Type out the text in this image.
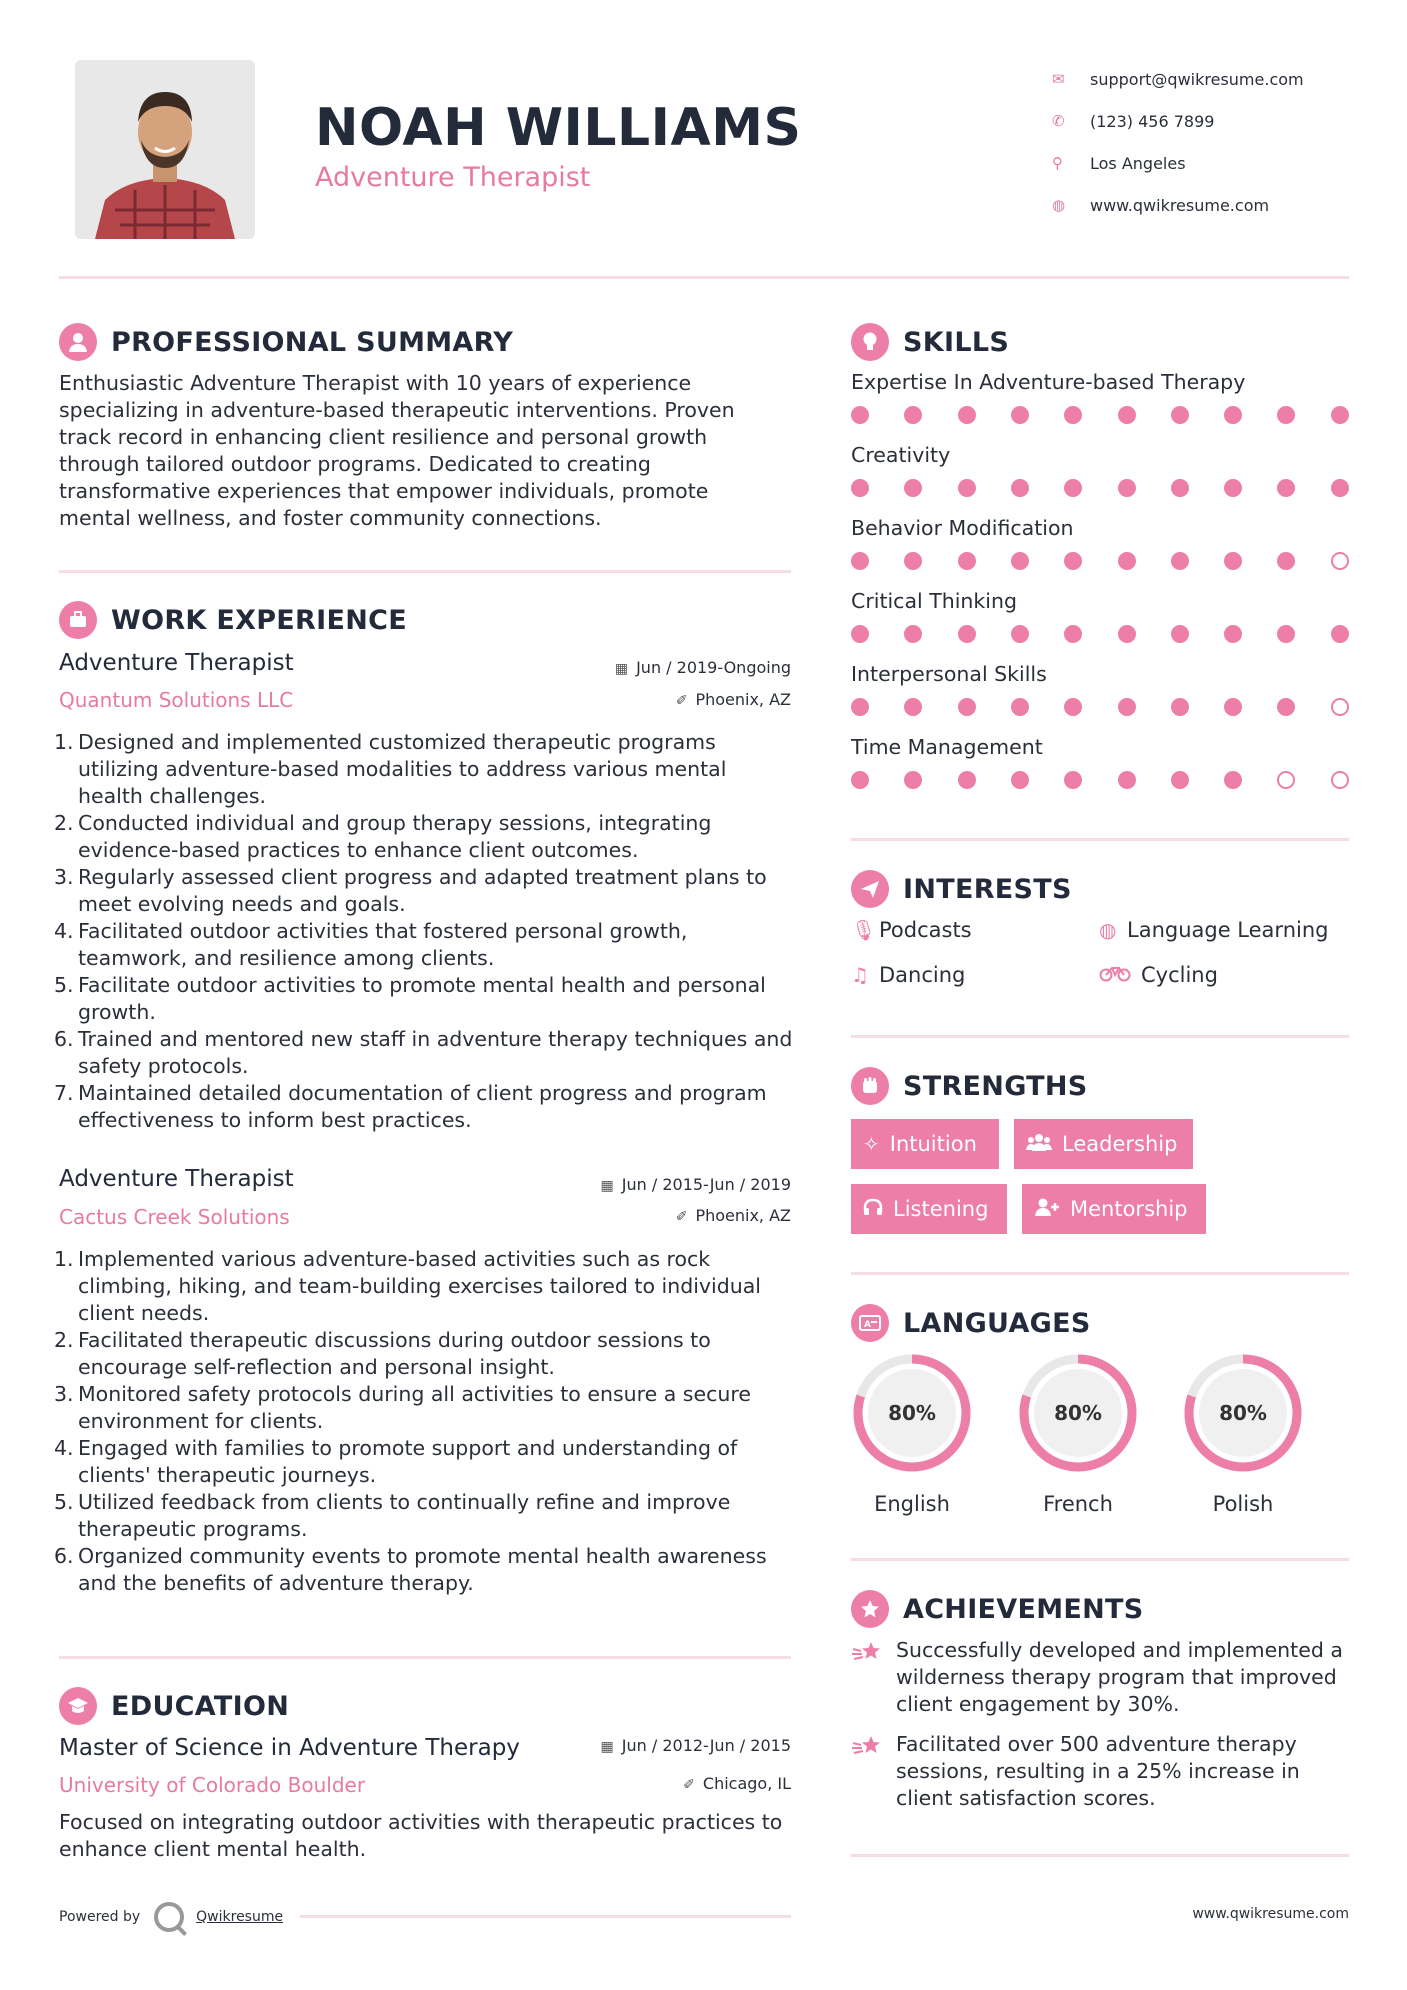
NOAH WILLIAMS
Adventure Therapist
✉	support@qwikresume.com
✆	(123) 456 7899
⚲	Los Angeles
◍	www.qwikresume.com
PROFESSIONAL SUMMARY
Enthusiastic Adventure Therapist with 10 years of experience specializing in adventure-based therapeutic interventions. Proven track record in enhancing client resilience and personal growth through tailored outdoor programs. Dedicated to creating transformative experiences that empower individuals, promote mental wellness, and foster community connections.
WORK EXPERIENCE
Adventure Therapist	▦ Jun / 2019-Ongoing
Quantum Solutions LLC	✐ Phoenix, AZ
Designed and implemented customized therapeutic programs utilizing adventure-based modalities to address various mental health challenges.
Conducted individual and group therapy sessions, integrating evidence-based practices to enhance client outcomes.
Regularly assessed client progress and adapted treatment plans to meet evolving needs and goals.
Facilitated outdoor activities that fostered personal growth, teamwork, and resilience among clients.
Facilitate outdoor activities to promote mental health and personal growth.
Trained and mentored new staff in adventure therapy techniques and safety protocols.
Maintained detailed documentation of client progress and program effectiveness to inform best practices.
Adventure Therapist	▦ Jun / 2015-Jun / 2019
Cactus Creek Solutions	✐ Phoenix, AZ
Implemented various adventure-based activities such as rock climbing, hiking, and team-building exercises tailored to individual client needs.
Facilitated therapeutic discussions during outdoor sessions to encourage self-reflection and personal insight.
Monitored safety protocols during all activities to ensure a secure environment for clients.
Engaged with families to promote support and understanding of clients' therapeutic journeys.
Utilized feedback from clients to continually refine and improve therapeutic programs.
Organized community events to promote mental health awareness and the benefits of adventure therapy.
EDUCATION
Master of Science in Adventure Therapy	▦ Jun / 2012-Jun / 2015
University of Colorado Boulder	✐ Chicago, IL
Focused on integrating outdoor activities with therapeutic practices to enhance client mental health.
SKILLS
Expertise In Adventure-based Therapy
Creativity
Behavior Modification
Critical Thinking
Interpersonal Skills
Time Management
INTERESTS
🎙︎ Podcasts	◍ Language Learning
♫ Dancing	Cycling
STRENGTHS
✧ Intuition	Leadership
Listening	Mentorship
A LANGUAGES
80%
English
80%
French
80%
Polish
ACHIEVEMENTS
Successfully developed and implemented a wilderness therapy program that improved client engagement by 30%.
Facilitated over 500 adventure therapy sessions, resulting in a 25% increase in client satisfaction scores.
Powered by	Qwikresume	www.qwikresume.com
